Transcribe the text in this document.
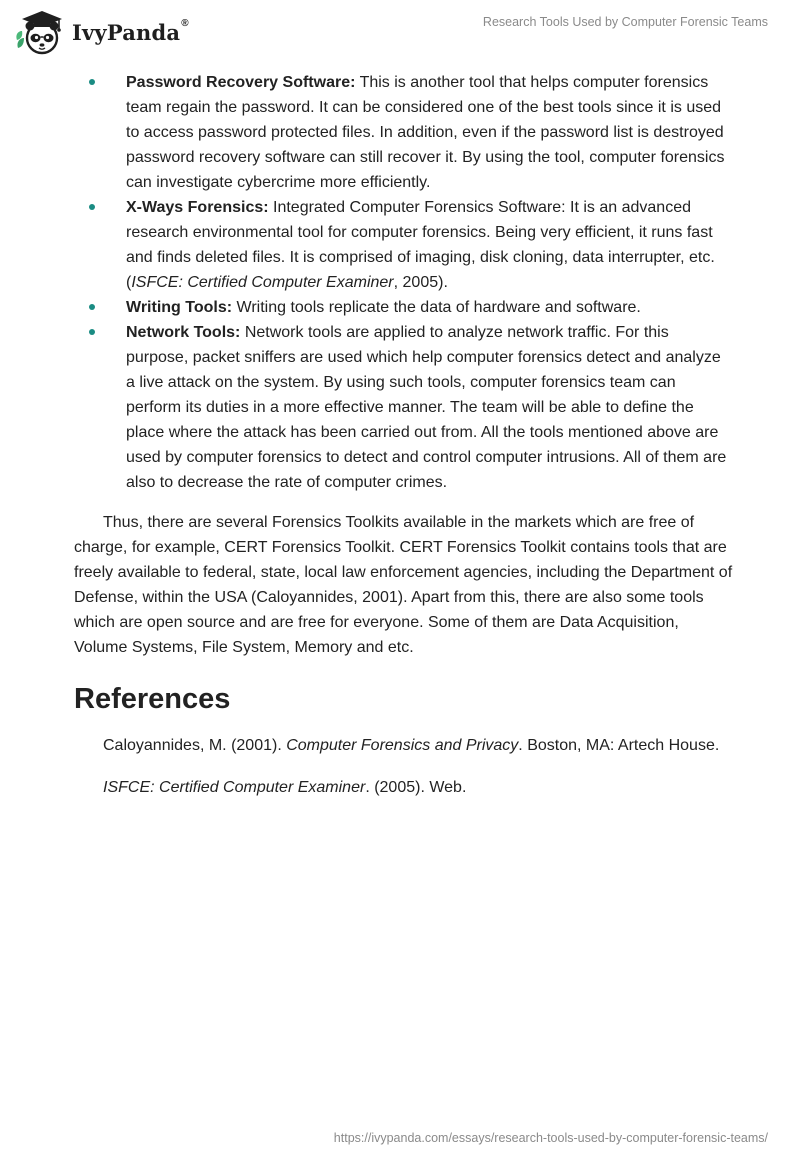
IvyPanda®	Research Tools Used by Computer Forensic Teams
Password Recovery Software: This is another tool that helps computer forensics team regain the password. It can be considered one of the best tools since it is used to access password protected files. In addition, even if the password list is destroyed password recovery software can still recover it. By using the tool, computer forensics can investigate cybercrime more efficiently.
X-Ways Forensics: Integrated Computer Forensics Software: It is an advanced research environmental tool for computer forensics. Being very efficient, it runs fast and finds deleted files. It is comprised of imaging, disk cloning, data interrupter, etc. (ISFCE: Certified Computer Examiner, 2005).
Writing Tools: Writing tools replicate the data of hardware and software.
Network Tools: Network tools are applied to analyze network traffic. For this purpose, packet sniffers are used which help computer forensics detect and analyze a live attack on the system. By using such tools, computer forensics team can perform its duties in a more effective manner. The team will be able to define the place where the attack has been carried out from. All the tools mentioned above are used by computer forensics to detect and control computer intrusions. All of them are also to decrease the rate of computer crimes.

Thus, there are several Forensics Toolkits available in the markets which are free of charge, for example, CERT Forensics Toolkit. CERT Forensics Toolkit contains tools that are freely available to federal, state, local law enforcement agencies, including the Department of Defense, within the USA (Caloyannides, 2001). Apart from this, there are also some tools which are open source and are free for everyone. Some of them are Data Acquisition, Volume Systems, File System, Memory and etc.

References

Caloyannides, M. (2001). Computer Forensics and Privacy. Boston, MA: Artech House.

ISFCE: Certified Computer Examiner. (2005). Web.

https://ivypanda.com/essays/research-tools-used-by-computer-forensic-teams/
